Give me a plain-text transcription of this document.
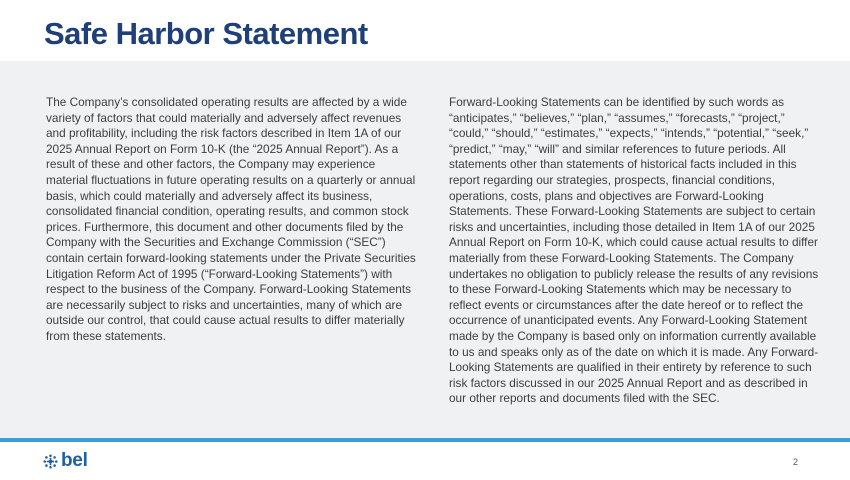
Safe Harbor Statement

The Company’s consolidated operating results are affected by a wide variety of factors that could materially and adversely affect revenues and profitability, including the risk factors described in Item 1A of our 2025 Annual Report on Form 10-K (the “2025 Annual Report”). As a result of these and other factors, the Company may experience material fluctuations in future operating results on a quarterly or annual basis, which could materially and adversely affect its business, consolidated financial condition, operating results, and common stock prices. Furthermore, this document and other documents filed by the Company with the Securities and Exchange Commission (“SEC”) contain certain forward-looking statements under the Private Securities Litigation Reform Act of 1995 (“Forward-Looking Statements”) with respect to the business of the Company. Forward-Looking Statements are necessarily subject to risks and uncertainties, many of which are outside our control, that could cause actual results to differ materially from these statements.

Forward-Looking Statements can be identified by such words as “anticipates,” “believes,” “plan,” “assumes,” “forecasts,” “project,” “could,” “should,” “estimates,” “expects,” “intends,” “potential,” “seek,” “predict,” “may,” “will” and similar references to future periods. All statements other than statements of historical facts included in this report regarding our strategies, prospects, financial conditions, operations, costs, plans and objectives are Forward-Looking Statements. These Forward-Looking Statements are subject to certain risks and uncertainties, including those detailed in Item 1A of our 2025 Annual Report on Form 10-K, which could cause actual results to differ materially from these Forward-Looking Statements. The Company undertakes no obligation to publicly release the results of any revisions to these Forward-Looking Statements which may be necessary to reflect events or circumstances after the date hereof or to reflect the occurrence of unanticipated events. Any Forward-Looking Statement made by the Company is based only on information currently available to us and speaks only as of the date on which it is made. Any Forward-Looking Statements are qualified in their entirety by reference to such risk factors discussed in our 2025 Annual Report and as described in our other reports and documents filed with the SEC.

bel	2
